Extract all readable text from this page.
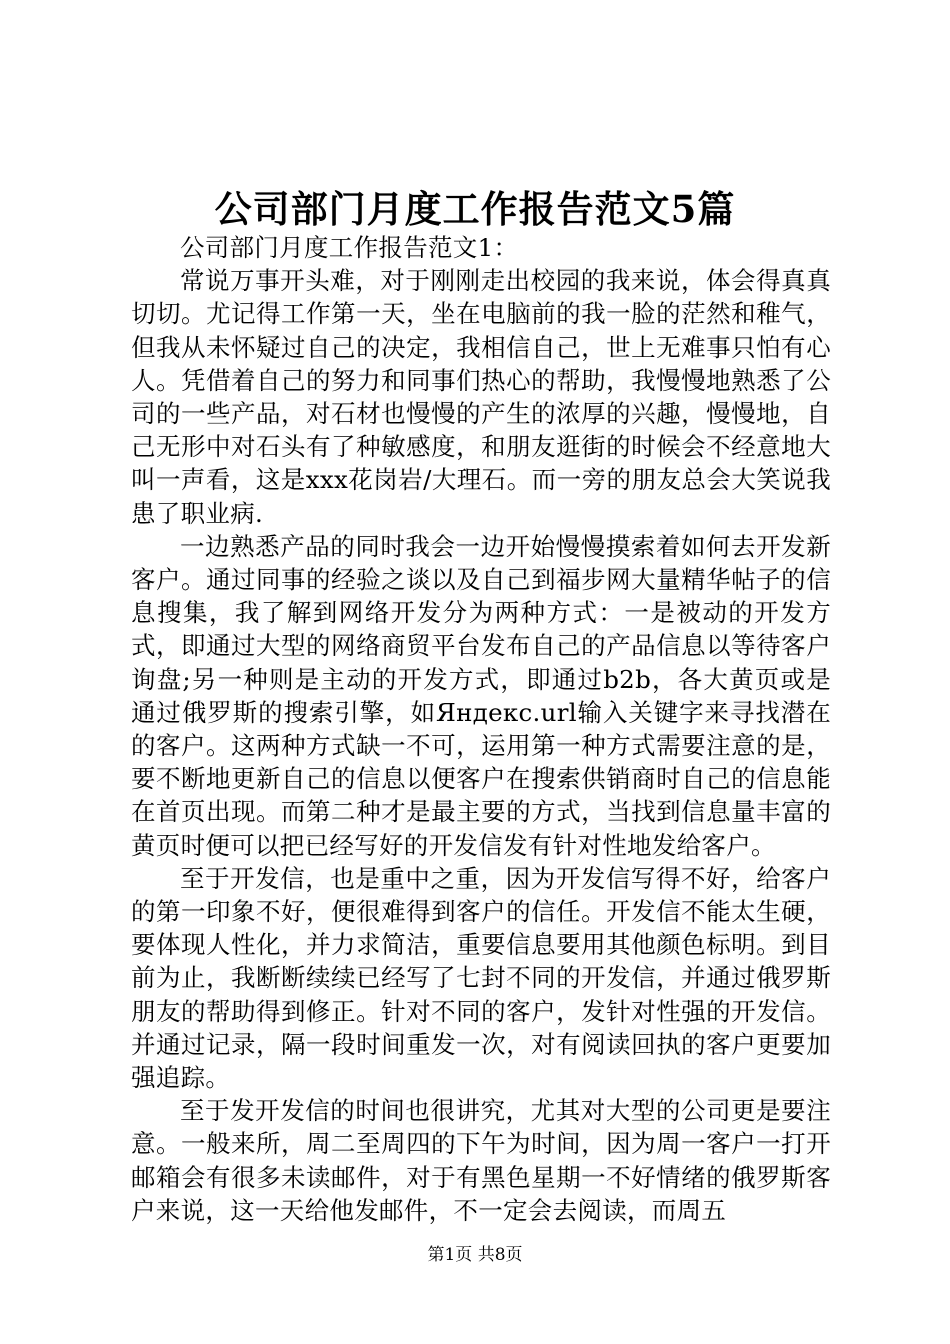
公司部门月度工作报告范文5篇

公司部门月度工作报告范文1：

常说万事开头难，对于刚刚走出校园的我来说，体会得真真切切。尤记得工作第一天，坐在电脑前的我一脸的茫然和稚气，但我从未怀疑过自己的决定，我相信自己，世上无难事只怕有心人。凭借着自己的努力和同事们热心的帮助，我慢慢地熟悉了公司的一些产品，对石材也慢慢的产生的浓厚的兴趣，慢慢地，自己无形中对石头有了种敏感度，和朋友逛街的时候会不经意地大叫一声看，这是xxx花岗岩/大理石。而一旁的朋友总会大笑说我患了职业病.

一边熟悉产品的同时我会一边开始慢慢摸索着如何去开发新客户。通过同事的经验之谈以及自己到福步网大量精华帖子的信息搜集，我了解到网络开发分为两种方式：一是被动的开发方式，即通过大型的网络商贸平台发布自己的产品信息以等待客户询盘;另一种则是主动的开发方式，即通过b2b，各大黄页或是通过俄罗斯的搜索引擎，如Яндекс.url输入关键字来寻找潜在的客户。这两种方式缺一不可，运用第一种方式需要注意的是，要不断地更新自己的信息以便客户在搜索供销商时自己的信息能在首页出现。而第二种才是最主要的方式，当找到信息量丰富的黄页时便可以把已经写好的开发信发有针对性地发给客户。

至于开发信，也是重中之重，因为开发信写得不好，给客户的第一印象不好，便很难得到客户的信任。开发信不能太生硬，要体现人性化，并力求简洁，重要信息要用其他颜色标明。到目前为止，我断断续续已经写了七封不同的开发信，并通过俄罗斯朋友的帮助得到修正。针对不同的客户，发针对性强的开发信。并通过记录，隔一段时间重发一次，对有阅读回执的客户更要加强追踪。

至于发开发信的时间也很讲究，尤其对大型的公司更是要注意。一般来所，周二至周四的下午为时间，因为周一客户一打开邮箱会有很多未读邮件，对于有黑色星期一不好情绪的俄罗斯客户来说，这一天给他发邮件，不一定会去阅读，而周五

第1页 共8页
